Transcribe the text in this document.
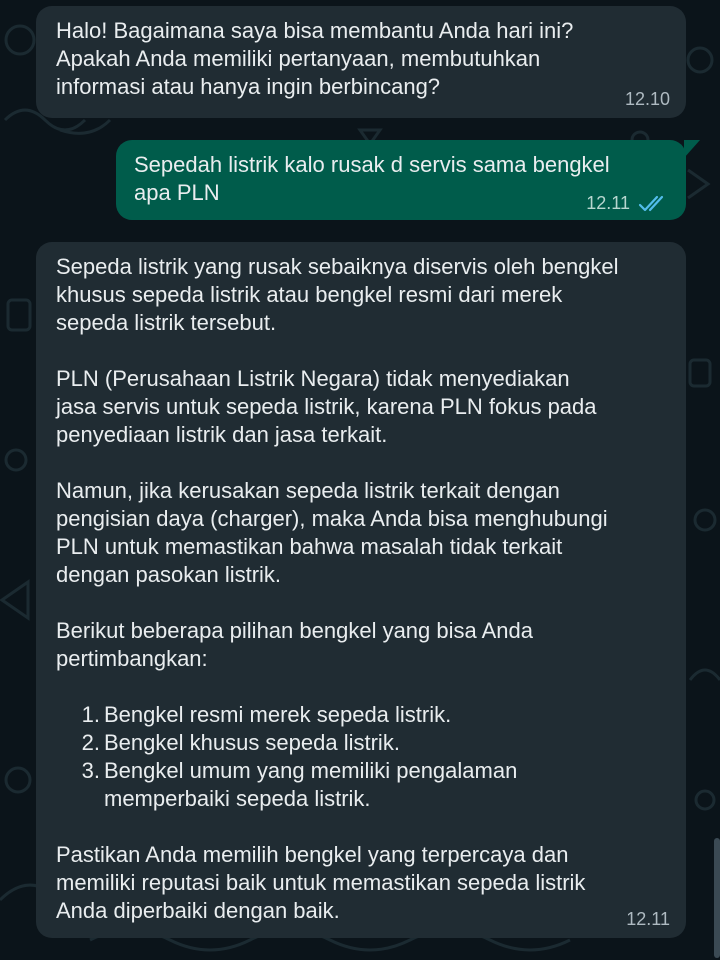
Halo! Bagaimana saya bisa membantu Anda hari ini?
Apakah Anda memiliki pertanyaan, membutuhkan
informasi atau hanya ingin berbincang?	12.10
Sepedah listrik kalo rusak d servis sama bengkel
apa PLN	12.11

Sepeda listrik yang rusak sebaiknya diservis oleh bengkel
khusus sepeda listrik atau bengkel resmi dari merek
sepeda listrik tersebut.

PLN (Perusahaan Listrik Negara) tidak menyediakan
jasa servis untuk sepeda listrik, karena PLN fokus pada
penyediaan listrik dan jasa terkait.

Namun, jika kerusakan sepeda listrik terkait dengan
pengisian daya (charger), maka Anda bisa menghubungi
PLN untuk memastikan bahwa masalah tidak terkait
dengan pasokan listrik.

Berikut beberapa pilihan bengkel yang bisa Anda
pertimbangkan:

1. Bengkel resmi merek sepeda listrik.
2. Bengkel khusus sepeda listrik.
3. Bengkel umum yang memiliki pengalaman
memperbaiki sepeda listrik.

Pastikan Anda memilih bengkel yang terpercaya dan
memiliki reputasi baik untuk memastikan sepeda listrik
Anda diperbaiki dengan baik.	12.11
